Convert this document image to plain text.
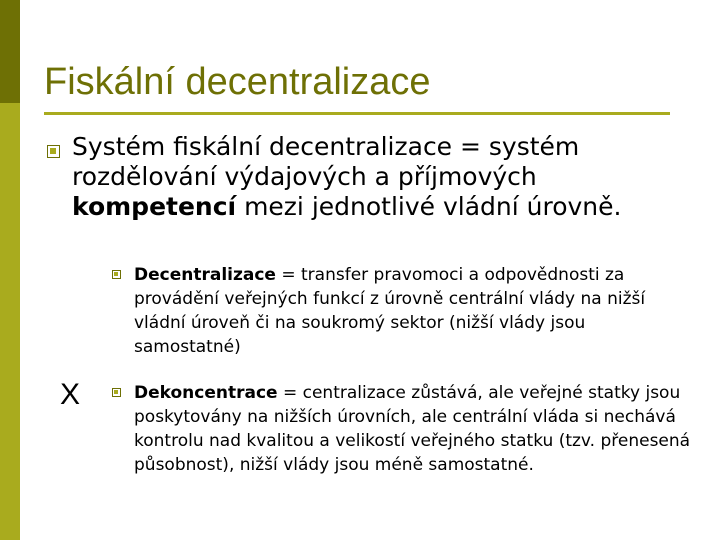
Fiskální decentralizace
Systém fiskální decentralizace = systém rozdělování výdajových a příjmových kompetencí mezi jednotlivé vládní úrovně.
Decentralizace = transfer pravomoci a odpovědnosti za provádění veřejných funkcí z úrovně centrální vlády na nižší vládní úroveň či na soukromý sektor (nižší vlády jsou samostatné)
X	Dekoncentrace = centralizace zůstává, ale veřejné statky jsou poskytovány na nižších úrovních, ale centrální vláda si nechává kontrolu nad kvalitou a velikostí veřejného statku (tzv. přenesená působnost), nižší vlády jsou méně samostatné.
